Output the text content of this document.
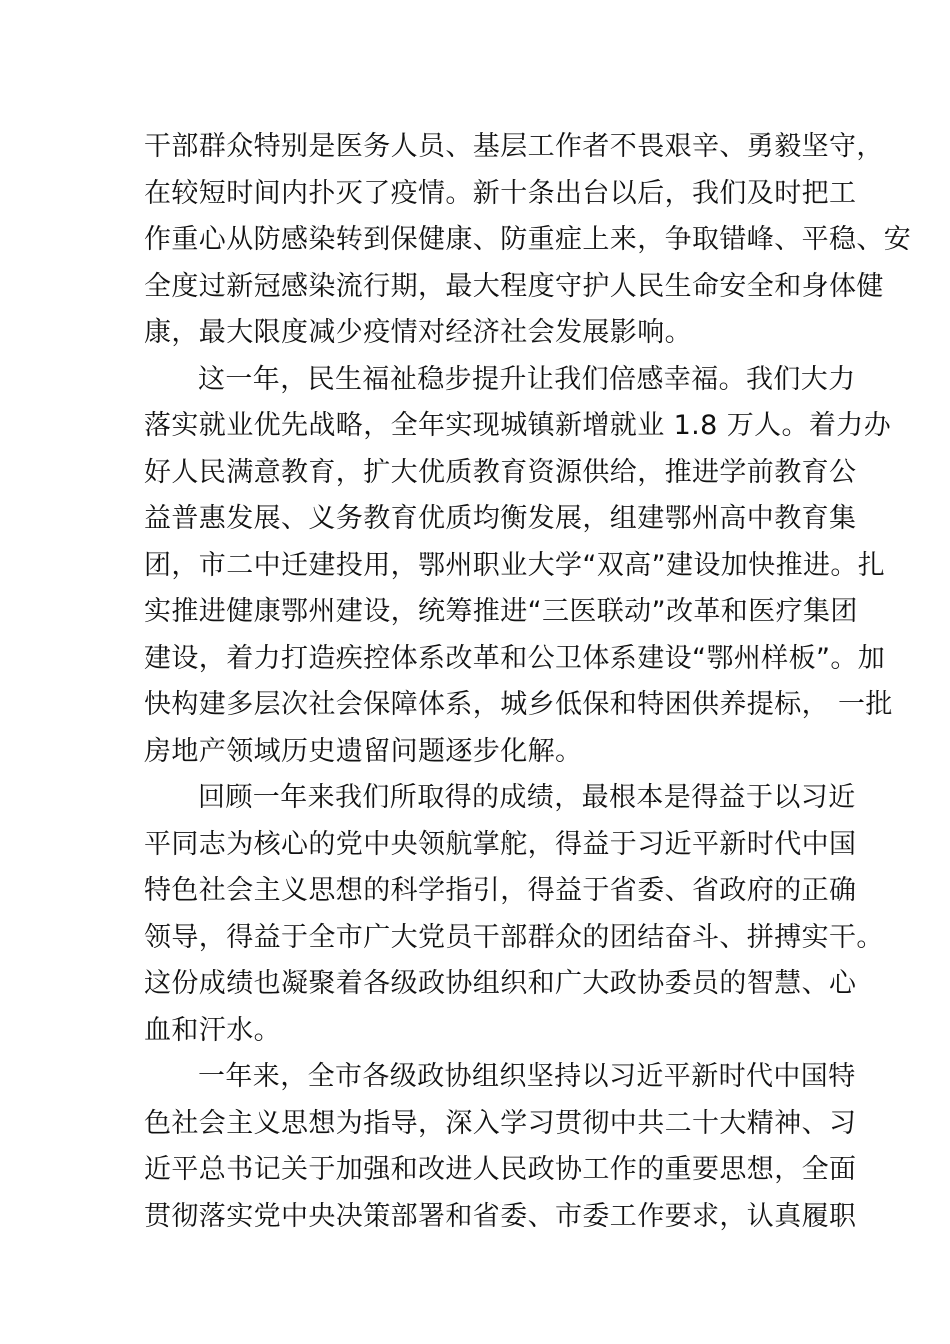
干部群众特别是医务人员、基层工作者不畏艰辛、勇毅坚守，
在较短时间内扑灭了疫情。新十条出台以后，我们及时把工
作重心从防感染转到保健康、防重症上来，争取错峰、平稳、安
全度过新冠感染流行期，最大程度守护人民生命安全和身体健
康，最大限度减少疫情对经济社会发展影响。
这一年，民生福祉稳步提升让我们倍感幸福。我们大力
落实就业优先战略，全年实现城镇新增就业 1.8 万人。着力办
好人民满意教育，扩大优质教育资源供给，推进学前教育公
益普惠发展、义务教育优质均衡发展，组建鄂州高中教育集
团，市二中迁建投用，鄂州职业大学“双高”建设加快推进。扎
实推进健康鄂州建设，统筹推进“三医联动”改革和医疗集团
建设，着力打造疾控体系改革和公卫体系建设“鄂州样板”。加
快构建多层次社会保障体系，城乡低保和特困供养提标， 一批
房地产领域历史遗留问题逐步化解。
回顾一年来我们所取得的成绩，最根本是得益于以习近
平同志为核心的党中央领航掌舵，得益于习近平新时代中国
特色社会主义思想的科学指引，得益于省委、省政府的正确
领导，得益于全市广大党员干部群众的团结奋斗、拼搏实干。
这份成绩也凝聚着各级政协组织和广大政协委员的智慧、心
血和汗水。
一年来，全市各级政协组织坚持以习近平新时代中国特
色社会主义思想为指导，深入学习贯彻中共二十大精神、习
近平总书记关于加强和改进人民政协工作的重要思想，全面
贯彻落实党中央决策部署和省委、市委工作要求，认真履职
